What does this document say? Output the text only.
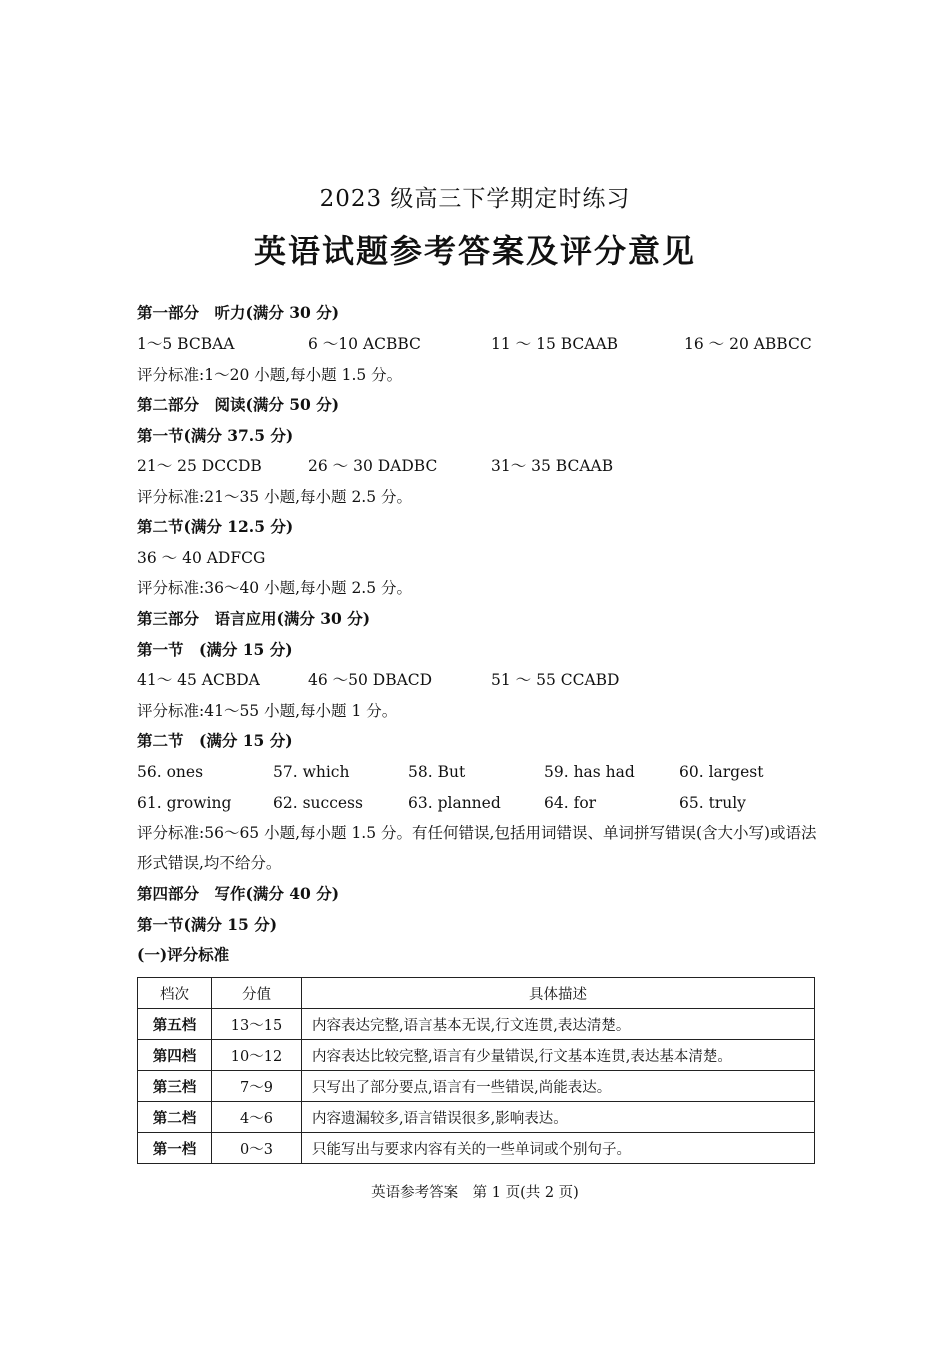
2023 级高三下学期定时练习
英语试题参考答案及评分意见
第一部分　听力(满分 30 分)
1～5 BCBAA	6 ～10 ACBBC	11 ～ 15 BCAAB	16 ～ 20 ABBCC
评分标准:1～20 小题,每小题 1.5 分。
第二部分　阅读(满分 50 分)
第一节(满分 37.5 分)
21～ 25 DCCDB	26 ～ 30 DADBC	31～ 35 BCAAB
评分标准:21～35 小题,每小题 2.5 分。
第二节(满分 12.5 分)
36 ～ 40 ADFCG
评分标准:36～40 小题,每小题 2.5 分。
第三部分　语言应用(满分 30 分)
第一节　(满分 15 分)
41～ 45 ACBDA	46 ～50 DBACD	51 ～ 55 CCABD
评分标准:41～55 小题,每小题 1 分。
第二节　(满分 15 分)
56. ones	57. which	58. But	59. has had	60. largest
61. growing	62. success	63. planned	64. for	65. truly
评分标准:56～65 小题,每小题 1.5 分。有任何错误,包括用词错误、单词拼写错误(含大小写)或语法形式错误,均不给分。
第四部分　写作(满分 40 分)
第一节(满分 15 分)
(一)评分标准
档次	分值	具体描述
第五档	13～15	内容表达完整,语言基本无误,行文连贯,表达清楚。
第四档	10～12	内容表达比较完整,语言有少量错误,行文基本连贯,表达基本清楚。
第三档	7～9	只写出了部分要点,语言有一些错误,尚能表达。
第二档	4～6	内容遗漏较多,语言错误很多,影响表达。
第一档	0～3	只能写出与要求内容有关的一些单词或个别句子。
英语参考答案　第 1 页(共 2 页)
